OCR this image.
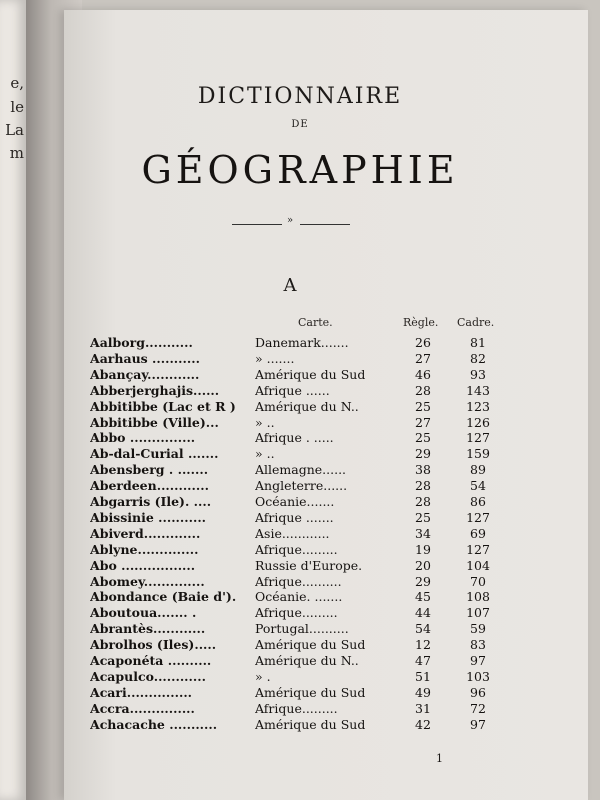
e,
le
La
m
DICTIONNAIRE
DE
GÉOGRAPHIE
»
A
Carte.	Règle. Cadre.
Aalborg...........	Danemark.......	26	81
Aarhaus ...........	» .......	27	82
Abançay............	Amérique du Sud	46	93
Abberjerghajis......	Afrique ......	28	143
Abbitibbe (Lac et R )	Amérique du N..	25	123
Abbitibbe (Ville)...	» ..	27	126
Abbo ...............	Afrique . .....	25	127
Ab-dal-Curial .......	» ..	29	159
Abensberg . .......	Allemagne......	38	89
Aberdeen............	Angleterre......	28	54
Abgarris (Ile). ....	Océanie.......	28	86
Abissinie ...........	Afrique .......	25	127
Abiverd.............	Asie............	34	69
Ablyne..............	Afrique.........	19	127
Abo .................	Russie d'Europe.	20	104
Abomey..............	Afrique..........	29	70
Abondance (Baie d').	Océanie. .......	45	108
Aboutoua....... .	Afrique.........	44	107
Abrantès............	Portugal..........	54	59
Abrolhos (Iles).....	Amérique du Sud	12	83
Acaponéta ..........	Amérique du N..	47	97
Acapulco............	» .	51	103
Acari...............	Amérique du Sud	49	96
Accra...............	Afrique.........	31	72
Achacache ...........	Amérique du Sud	42	97
1
